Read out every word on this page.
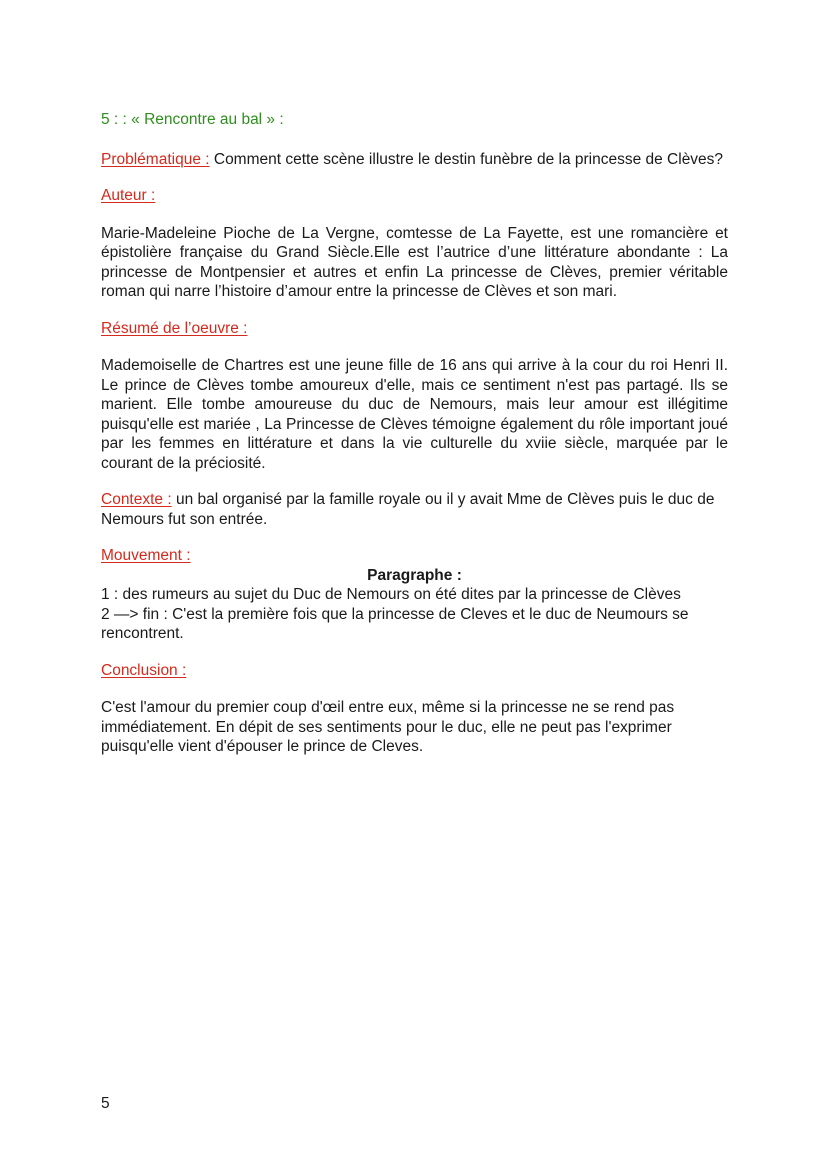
5 : : « Rencontre au bal » :

Problématique : Comment cette scène illustre le destin funèbre de la princesse de Clèves?

Auteur :

Marie-Madeleine Pioche de La Vergne, comtesse de La Fayette, est une romancière et épistolière française du Grand Siècle.Elle est l’autrice d’une littérature abondante : La princesse de Montpensier et autres et enfin La princesse de Clèves, premier véritable roman qui narre l’histoire d’amour entre la princesse de Clèves et son mari.

Résumé de l’oeuvre :

Mademoiselle de Chartres est une jeune fille de 16 ans qui arrive à la cour du roi Henri II. Le prince de Clèves tombe amoureux d'elle, mais ce sentiment n'est pas partagé. Ils se marient. Elle tombe amoureuse du duc de Nemours, mais leur amour est illégitime puisqu'elle est mariée , La Princesse de Clèves témoigne également du rôle important joué par les femmes en littérature et dans la vie culturelle du xviie siècle, marquée par le courant de la préciosité.

Contexte : un bal organisé par la famille royale ou il y avait Mme de Clèves puis le duc de Nemours fut son entrée.

Mouvement :

Paragraphe :

1 : des rumeurs au sujet du Duc de Nemours on été dites par la princesse de Clèves

2 —> fin : C'est la première fois que la princesse de Cleves et le duc de Neumours se rencontrent.

Conclusion :

C'est l'amour du premier coup d'œil entre eux, même si la princesse ne se rend pas immédiatement. En dépit de ses sentiments pour le duc, elle ne peut pas l'exprimer puisqu'elle vient d'épouser le prince de Cleves.

5
